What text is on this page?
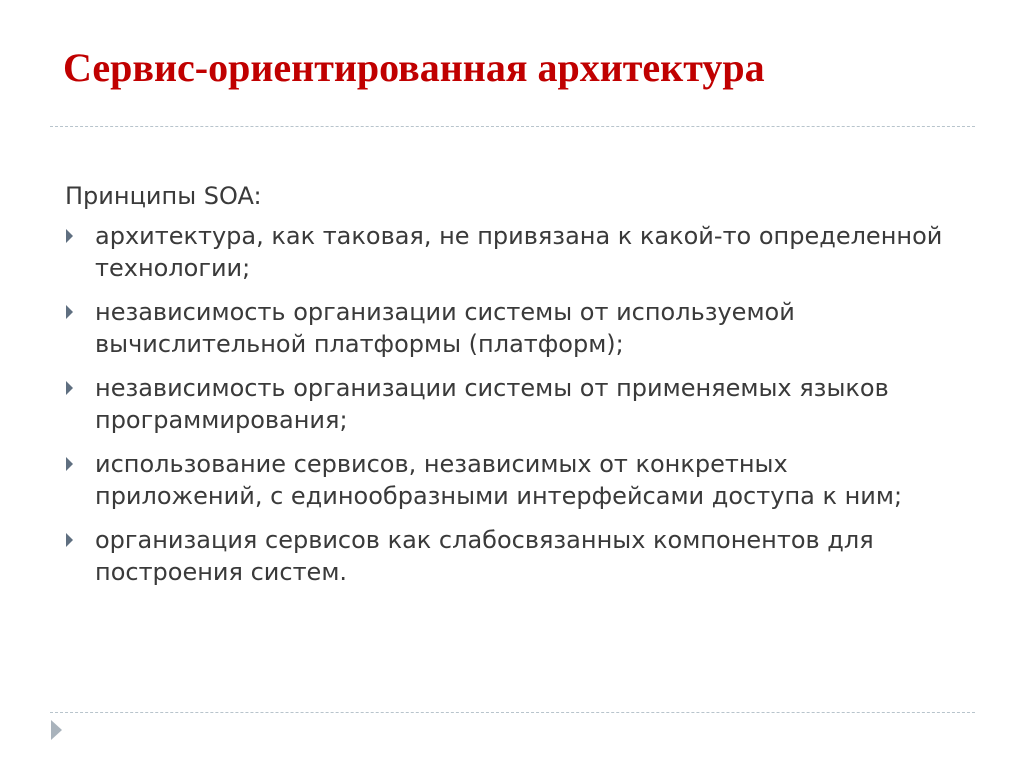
Сервис-ориентированная архитектура

Принципы SOA:

архитектура, как таковая, не привязана к какой-то определенной технологии;
независимость организации системы от используемой вычислительной платформы (платформ);
независимость организации системы от применяемых языков программирования;
использование сервисов, независимых от конкретных приложений, с единообразными интерфейсами доступа к ним;
организация сервисов как слабосвязанных компонентов для построения систем.
